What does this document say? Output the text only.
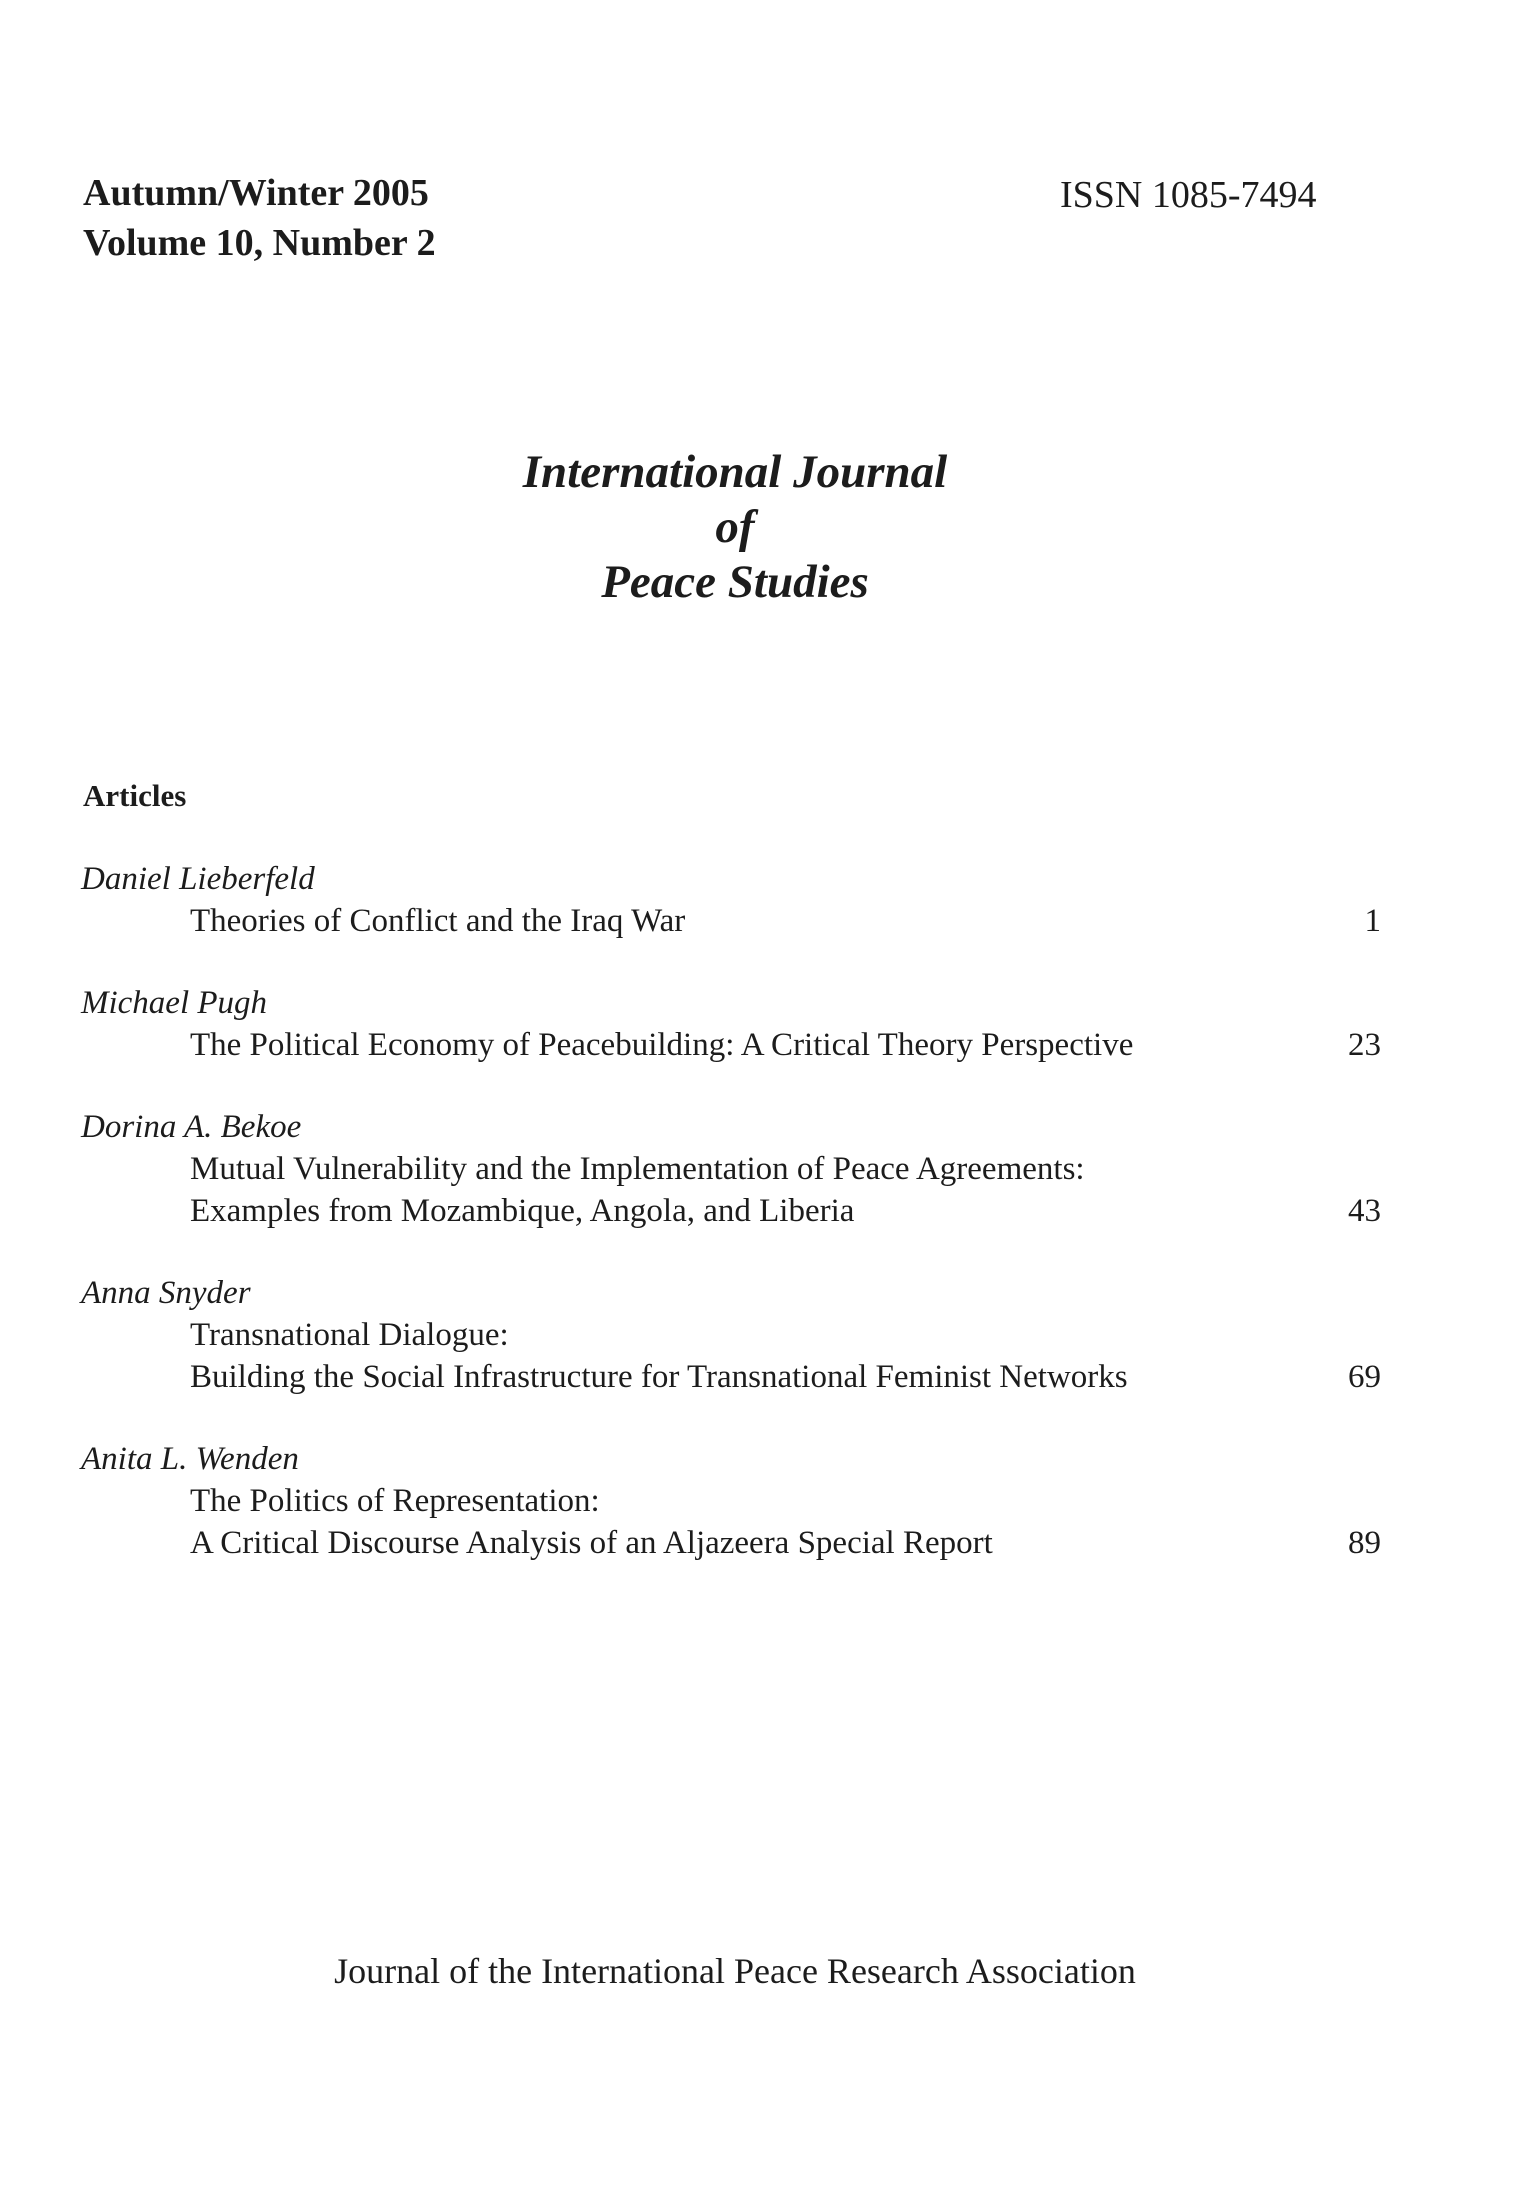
Autumn/Winter 2005
Volume 10, Number 2
ISSN 1085-7494
International Journal
of
Peace Studies
Articles
Daniel Lieberfeld
Theories of Conflict and the Iraq War	1
Michael Pugh
The Political Economy of Peacebuilding: A Critical Theory Perspective	23
Dorina A. Bekoe
Mutual Vulnerability and the Implementation of Peace Agreements:
Examples from Mozambique, Angola, and Liberia	43
Anna Snyder
Transnational Dialogue:
Building the Social Infrastructure for Transnational Feminist Networks	69
Anita L. Wenden
The Politics of Representation:
A Critical Discourse Analysis of an Aljazeera Special Report	89
Journal of the International Peace Research Association
